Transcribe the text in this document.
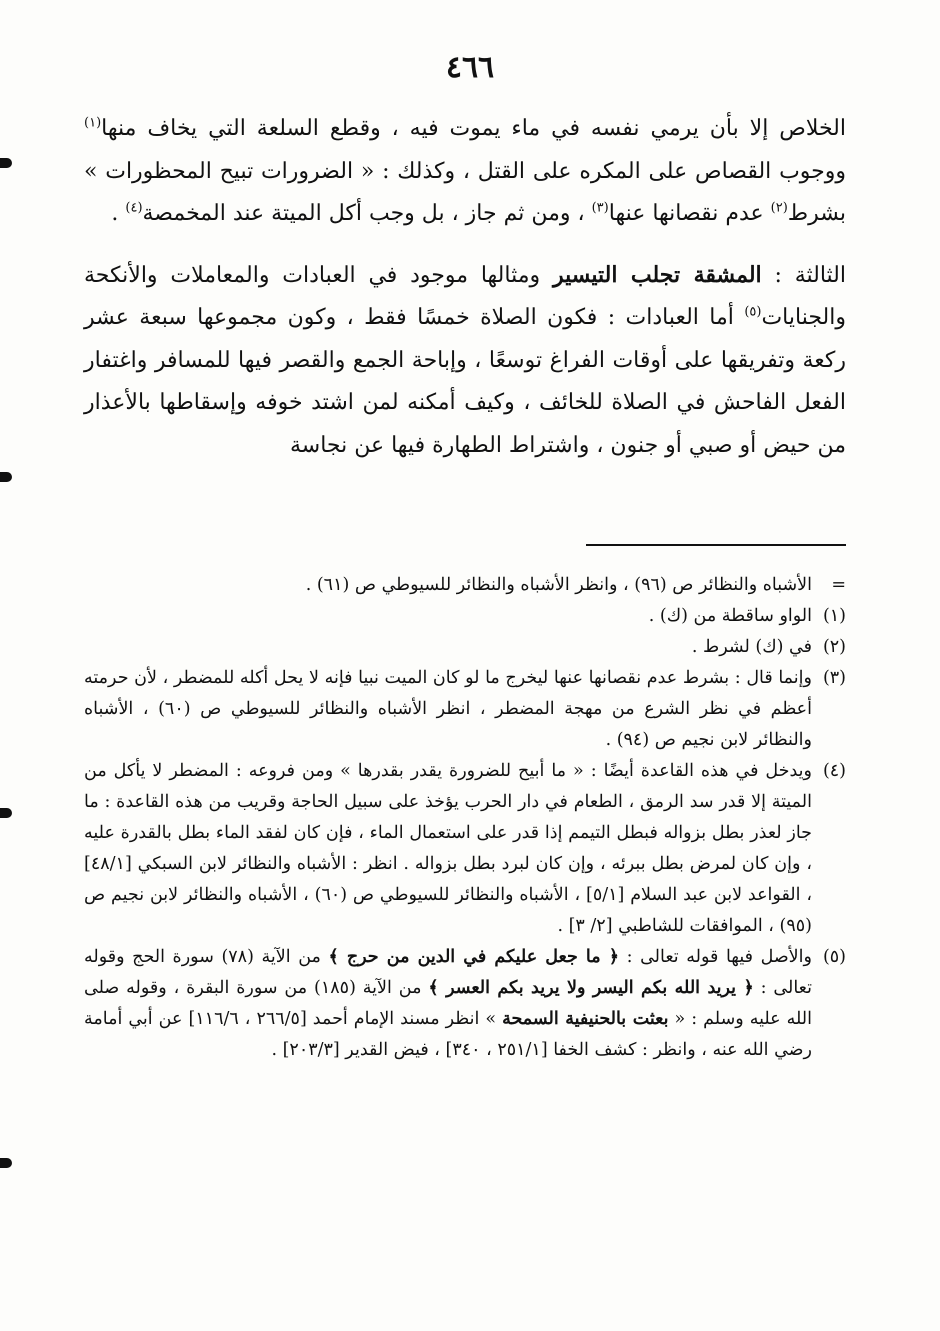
٤٦٦

الخلاص إلا بأن يرمي نفسه في ماء يموت فيه ، وقطع السلعة التي يخاف منها$^{(١)}$ ووجوب القصاص على المكره على القتل ، وكذلك : « الضرورات تبيح المحظورات » بشرط$^{(٢)}$ عدم نقصانها عنها$^{(٣)}$ ، ومن ثم جاز ، بل وجب أكل الميتة عند المخمصة$^{(٤)}$ .

الثالثة : المشقة تجلب التيسير ومثالها موجود في العبادات والمعاملات والأنكحة والجنايات$^{(٥)}$ أما العبادات : فكون الصلاة خمسًا فقط ، وكون مجموعها سبعة عشر ركعة وتفريقها على أوقات الفراغ توسعًا ، وإباحة الجمع والقصر فيها للمسافر واغتفار الفعل الفاحش في الصلاة للخائف ، وكيف أمكنه لمن اشتد خوفه وإسقاطها بالأعذار من حيض أو صبي أو جنون ، واشتراط الطهارة فيها عن نجاسة

=
الأشباه والنظائر ص (٩٦) ، وانظر الأشباه والنظائر للسيوطي ص (٦١) .
(١)
الواو ساقطة من (ك) .
(٢)
في (ك) لشرط .
(٣)
وإنما قال : بشرط عدم نقصانها عنها ليخرج ما لو كان الميت نبيا فإنه لا يحل أكله للمضطر ، لأن حرمته أعظم في نظر الشرع من مهجة المضطر ، انظر الأشباه والنظائر للسيوطي ص (٦٠) ، الأشباه والنظائر لابن نجيم ص (٩٤) .
(٤)
ويدخل في هذه القاعدة أيضًا : « ما أبيح للضرورة يقدر بقدرها » ومن فروعه : المضطر لا يأكل من الميتة إلا قدر سد الرمق ، الطعام في دار الحرب يؤخذ على سبيل الحاجة وقريب من هذه القاعدة : ما جاز لعذر بطل بزواله فبطل التيمم إذا قدر على استعمال الماء ، فإن كان لفقد الماء بطل بالقدرة عليه ، وإن كان لمرض بطل ببرئه ، وإن كان لبرد بطل بزواله . انظر : الأشباه والنظائر لابن السبكي [٤٨/١] ، القواعد لابن عبد السلام [٥/١] ، الأشباه والنظائر للسيوطي ص (٦٠) ، الأشباه والنظائر لابن نجيم ص (٩٥) ، الموافقات للشاطبي [٢/ ٣] .
(٥)
والأصل فيها قوله تعالى : ﴿ ما جعل عليكم في الدين من حرج ﴾ من الآية (٧٨) سورة الحج وقوله تعالى : ﴿ يريد الله بكم اليسر ولا يريد بكم العسر ﴾ من الآية (١٨٥) من سورة البقرة ، وقوله صلى الله عليه وسلم : « بعثت بالحنيفية السمحة » انظر مسند الإمام أحمد [٢٦٦/٥ ، ١١٦/٦] عن أبي أمامة رضي الله عنه ، وانظر : كشف الخفا [٢٥١/١ ، ٣٤٠] ، فيض القدير [٢٠٣/٣] .
